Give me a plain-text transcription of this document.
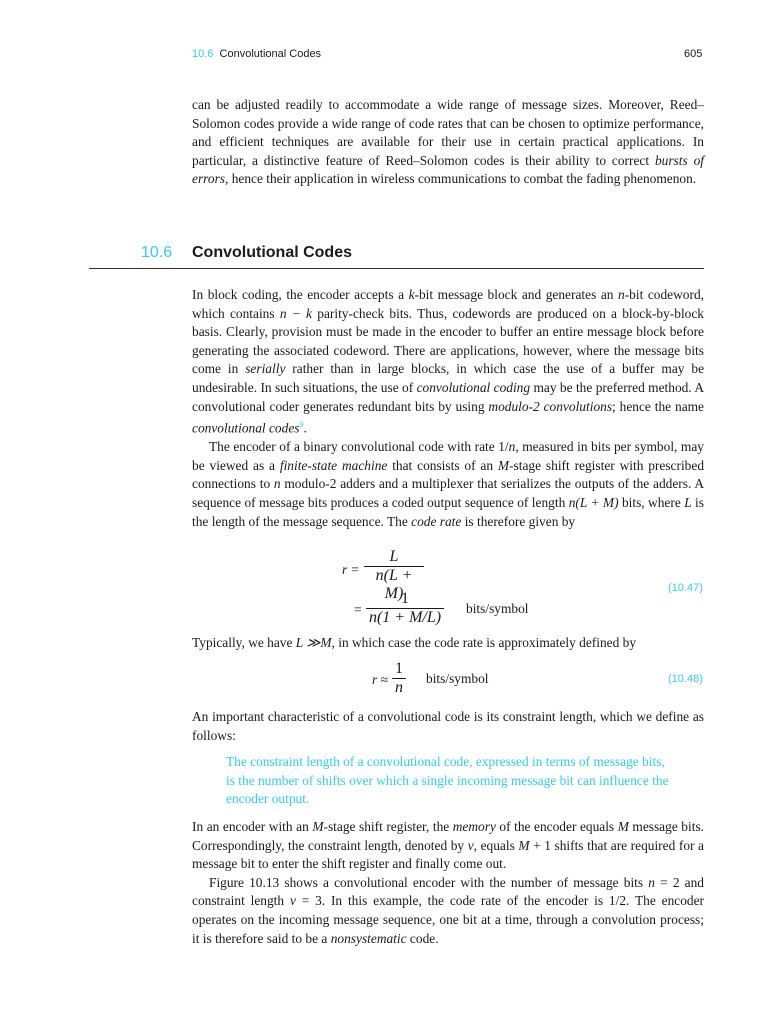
10.6 Convolutional Codes	605

can be adjusted readily to accommodate a wide range of message sizes. Moreover, Reed–Solomon codes provide a wide range of code rates that can be chosen to optimize performance, and efficient techniques are available for their use in certain practical applications. In particular, a distinctive feature of Reed–Solomon codes is their ability to correct bursts of errors, hence their application in wireless communications to combat the fading phenomenon.

10.6 Convolutional Codes

In block coding, the encoder accepts a k-bit message block and generates an n-bit codeword, which contains n − k parity-check bits. Thus, codewords are produced on a block-by-block basis. Clearly, provision must be made in the encoder to buffer an entire message block before generating the associated codeword. There are applications, however, where the message bits come in serially rather than in large blocks, in which case the use of a buffer may be undesirable. In such situations, the use of convolutional coding may be the preferred method. A convolutional coder generates redundant bits by using modulo-2 convolutions; hence the name convolutional codes$^9$.

The encoder of a binary convolutional code with rate 1/n, measured in bits per symbol, may be viewed as a finite-state machine that consists of an M-stage shift register with prescribed connections to n modulo-2 adders and a multiplexer that serializes the outputs of the adders. A sequence of message bits produces a coded output sequence of length n(L + M) bits, where L is the length of the message sequence. The code rate is therefore given by

$r = \frac{L}{n(L + M)}$
= $\frac{1}{n(1 + M/L)}$ bits/symbol
(10.47)

Typically, we have L ≫M, in which case the code rate is approximately defined by

$r \approx \frac{1}{n}$ bits/symbol	(10.48)

An important characteristic of a convolutional code is its constraint length, which we define as follows:

The constraint length of a convolutional code, expressed in terms of message bits, is the number of shifts over which a single incoming message bit can influence the encoder output.

In an encoder with an M-stage shift register, the memory of the encoder equals M message bits. Correspondingly, the constraint length, denoted by ν, equals M + 1 shifts that are required for a message bit to enter the shift register and finally come out.

Figure 10.13 shows a convolutional encoder with the number of message bits n = 2 and constraint length ν = 3. In this example, the code rate of the encoder is 1/2. The encoder operates on the incoming message sequence, one bit at a time, through a convolution process; it is therefore said to be a nonsystematic code.
